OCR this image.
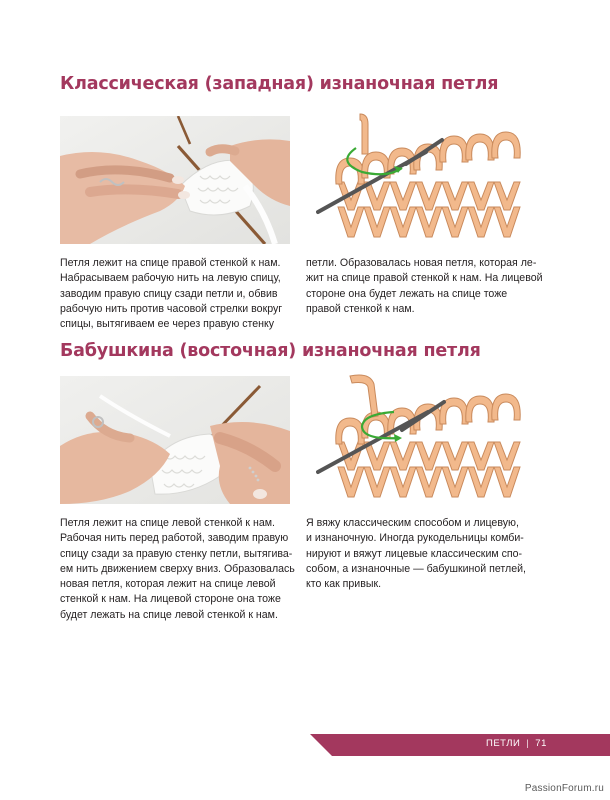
Классическая (западная) изнаночная петля

Петля лежит на спице правой стенкой к нам.
Набрасываем рабочую нить на левую спицу,
заводим правую спицу сзади петли и, обвив
рабочую нить против часовой стрелки вокруг
спицы, вытягиваем ее через правую стенку

петли. Образовалась новая петля, которая ле-
жит на спице правой стенкой к нам. На лицевой
стороне она будет лежать на спице тоже
правой стенкой к нам.

Бабушкина (восточная) изнаночная петля

Петля лежит на спице левой стенкой к нам.
Рабочая нить перед работой, заводим правую
спицу сзади за правую стенку петли, вытягива-
ем нить движением сверху вниз. Образовалась
новая петля, которая лежит на спице левой
стенкой к нам. На лицевой стороне она тоже
будет лежать на спице левой стенкой к нам.

Я вяжу классическим способом и лицевую,
и изнаночную. Иногда рукодельницы комби-
нируют и вяжут лицевые классическим спо-
собом, а изнаночные — бабушкиной петлей,
кто как привык.

ПЕТЛИ | 71
PassionForum.ru
